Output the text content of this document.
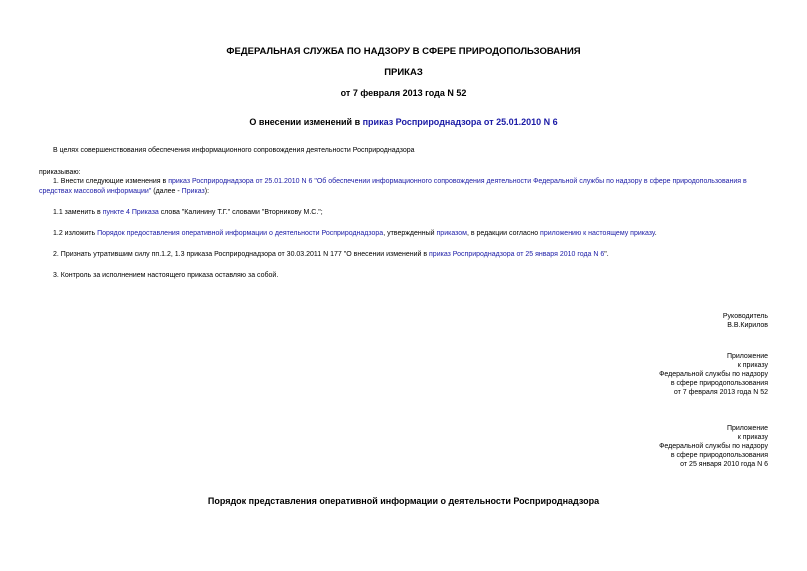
ФЕДЕРАЛЬНАЯ СЛУЖБА ПО НАДЗОРУ В СФЕРЕ ПРИРОДОПОЛЬЗОВАНИЯ
ПРИКАЗ
от 7 февраля 2013 года N 52
О внесении изменений в приказ Росприроднадзора от 25.01.2010 N 6
В целях совершенствования обеспечения информационного сопровождения деятельности Росприроднадзора
приказываю:
1. Внести следующие изменения в приказ Росприроднадзора от 25.01.2010 N 6 "Об обеспечении информационного сопровождения деятельности Федеральной службы по надзору в сфере природопользования в
средствах массовой информации" (далее - Приказ):
1.1 заменить в пункте 4 Приказа слова "Калинину Т.Г." словами "Вторникову М.С.";
1.2 изложить Порядок предоставления оперативной информации о деятельности Росприроднадзора, утвержденный приказом, в редакции согласно приложению к настоящему приказу.
2. Признать утратившим силу пп.1.2, 1.3 приказа Росприроднадзора от 30.03.2011 N 177 "О внесении изменений в приказ Росприроднадзора от 25 января 2010 года N 6".
3. Контроль за исполнением настоящего приказа оставляю за собой.
Руководитель
В.В.Кирилов
Приложение
к приказу
Федеральной службы по надзору
в сфере природопользования
от 7 февраля 2013 года N 52
Приложение
к приказу
Федеральной службы по надзору
в сфере природопользования
от 25 января 2010 года N 6
Порядок представления оперативной информации о деятельности Росприроднадзора
